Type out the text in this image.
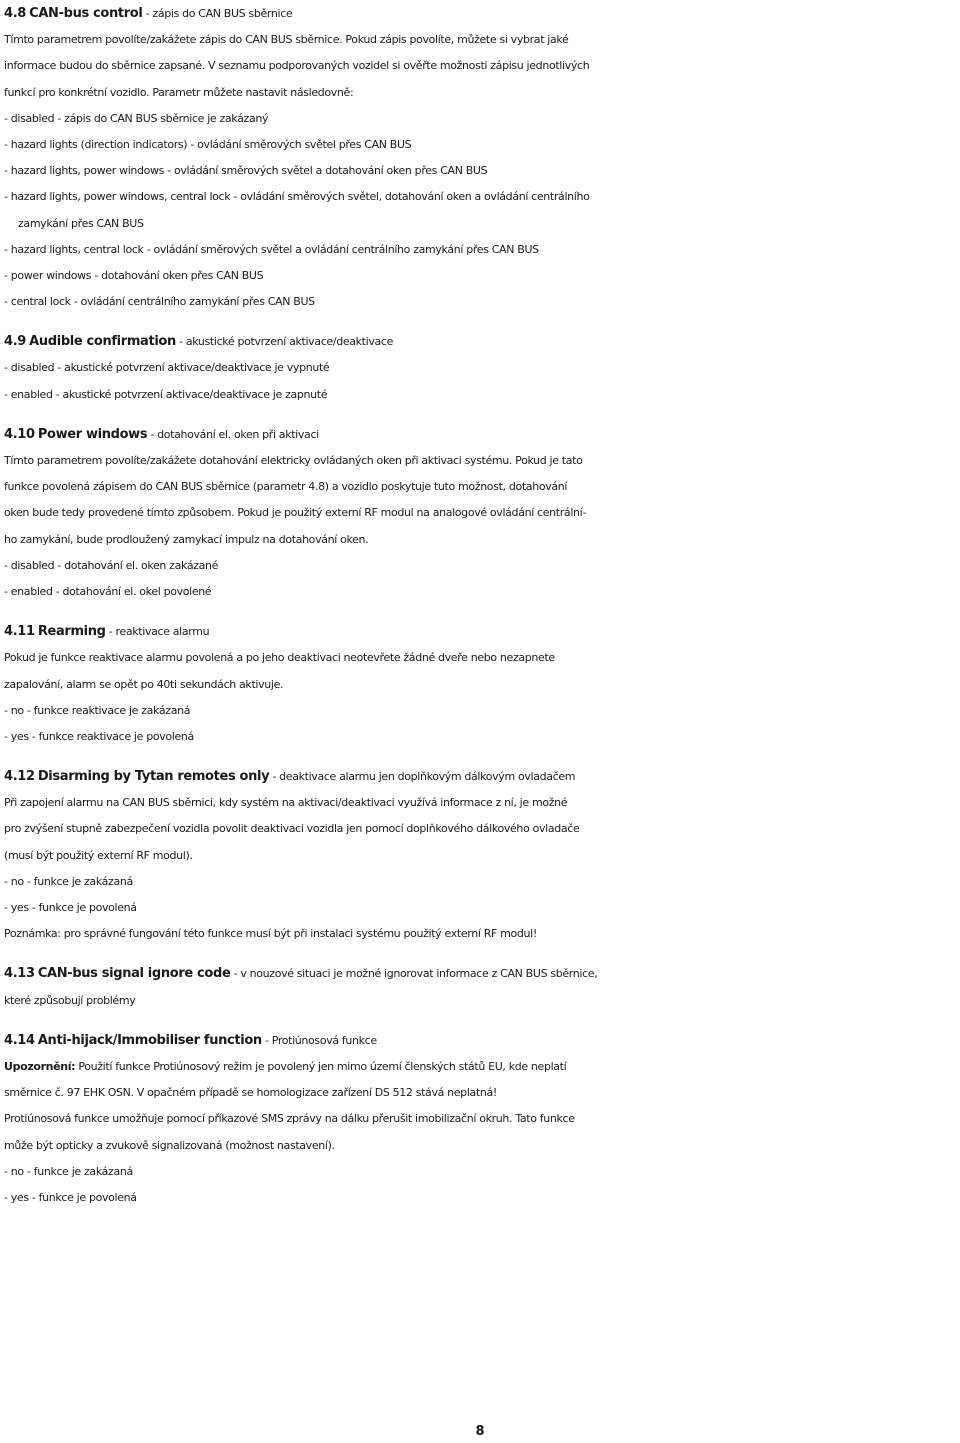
4.8 CAN-bus control - zápis do CAN BUS sběrnice
Tímto parametrem povolíte/zakážete zápis do CAN BUS sběrnice. Pokud zápis povolíte, můžete si vybrat jaké
informace budou do sběrnice zapsané. V seznamu podporovaných vozidel si ověřte možnosti zápisu jednotlivých
funkcí pro konkrétní vozidlo. Parametr můžete nastavit následovně:
- disabled - zápis do CAN BUS sběrnice je zakázaný
- hazard lights (direction indicators) - ovládání směrových světel přes CAN BUS
- hazard lights, power windows - ovládání směrových světel a dotahování oken přes CAN BUS
- hazard lights, power windows, central lock - ovládání směrových světel, dotahování oken a ovládání centrálního
zamykání přes CAN BUS
- hazard lights, central lock - ovládání směrových světel a ovládání centrálního zamykání přes CAN BUS
- power windows - dotahování oken přes CAN BUS
- central lock - ovládání centrálního zamykání přes CAN BUS
4.9 Audible confirmation - akustické potvrzení aktivace/deaktivace
- disabled - akustické potvrzení aktivace/deaktivace je vypnuté
- enabled - akustické potvrzení aktivace/deaktivace je zapnuté
4.10 Power windows - dotahování el. oken při aktivaci
Tímto parametrem povolíte/zakážete dotahování elektricky ovládaných oken při aktivaci systému. Pokud je tato
funkce povolená zápisem do CAN BUS sběrnice (parametr 4.8) a vozidlo poskytuje tuto možnost, dotahování
oken bude tedy provedené tímto způsobem. Pokud je použitý externí RF modul na analogové ovládání centrální-
ho zamykání, bude prodloužený zamykací impulz na dotahování oken.
- disabled - dotahování el. oken zakázané
- enabled - dotahování el. okel povolené
4.11 Rearming - reaktivace alarmu
Pokud je funkce reaktivace alarmu povolená a po jeho deaktivaci neotevřete žádné dveře nebo nezapnete
zapalování, alarm se opět po 40ti sekundách aktivuje.
- no - funkce reaktivace je zakázaná
- yes - funkce reaktivace je povolená
4.12 Disarming by Tytan remotes only - deaktivace alarmu jen doplňkovým dálkovým ovladačem
Při zapojení alarmu na CAN BUS sběrnici, kdy systém na aktivaci/deaktivaci využívá informace z ní, je možné
pro zvýšení stupně zabezpečení vozidla povolit deaktivaci vozidla jen pomocí doplňkového dálkového ovladače
(musí být použitý externí RF modul).
- no - funkce je zakázaná
- yes - funkce je povolená
Poznámka: pro správné fungování této funkce musí být při instalaci systému použitý externí RF modul!
4.13 CAN-bus signal ignore code - v nouzové situaci je možné ignorovat informace z CAN BUS sběrnice,
které způsobují problémy
4.14 Anti-hijack/Immobiliser function - Protiúnosová funkce
Upozornění: Použití funkce Protiúnosový režim je povolený jen mimo území členských států EU, kde neplatí
směrnice č. 97 EHK OSN. V opačném případě se homologizace zařízení DS 512 stává neplatná!
Protiúnosová funkce umožňuje pomocí příkazové SMS zprávy na dálku přerušit imobilizační okruh. Tato funkce
může být opticky a zvukově signalizovaná (možnost nastavení).
- no - funkce je zakázaná
- yes - funkce je povolená
8
